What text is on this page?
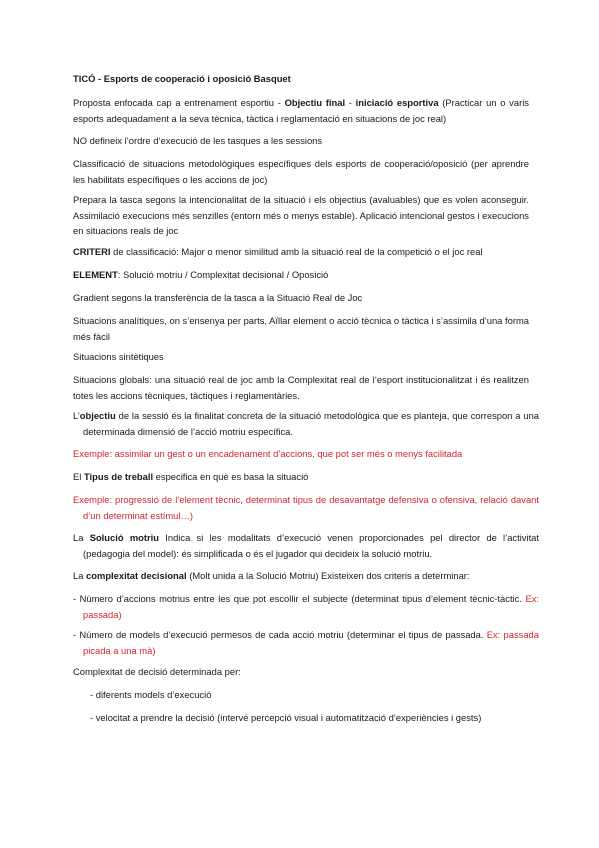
TICÓ - Esports de cooperació i oposició Basquet

Proposta enfocada cap a entrenament esportiu - Objectiu final - iniciació esportiva (Practicar un o varis esports adequadament a la seva tècnica, tàctica i reglamentació en situacions de joc real)

NO defineix l’ordre d’execució de les tasques a les sessions

Classificació de situacions metodològiques específiques dels esports de cooperació/oposició (per aprendre les habilitats específiques o les accions de joc)

Prepara la tasca segons la intencionalitat de la situació i els objectius (avaluables) que es volen aconseguir. Assimilació execucions més senzilles (entorn més o menys estable). Aplicació intencional gestos i execucions en situacions reals de joc

CRITERI de classificació: Major o menor similitud amb la situació real de la competició o el joc real

ELEMENT: Solució motriu / Complexitat decisional / Oposició

Gradient segons la transferència de la tasca a la Situació Real de Joc

Situacions analítiques, on s’ensenya per parts, Aïllar element o acció tècnica o tàctica i s’assimila d’una forma més fàcil

Situacions sintètiques

Situacions globals: una situació real de joc amb la Complexitat real de l’esport institucionalitzat i és realitzen totes les accions tècniques, tàctiques i reglamentàries.

L’objectiu de la sessió és la finalitat concreta de la situació metodològica que es planteja, que correspon a una determinada dimensió de l’acció motriu específica.

Exemple: assimilar un gest o un encadenament d’accions, que pot ser més o menys facilitada

El Tipus de treball especifica en què es basa la situació

Exemple: progressió de l’element tècnic, determinat tipus de desavantatge defensiva o ofensiva, relació davant d’un determinat estímul…)

La Solució motriu Indica si les modalitats d’execució venen proporcionades pel director de l’activitat (pedagogia del model): és simplificada o és el jugador qui decideix la solució motriu.

La complexitat decisional (Molt unida a la Solució Motriu) Existeixen dos criteris a determinar:

- Número d’accions motrius entre les que pot escollir el subjecte (determinat tipus d’element tècnic-tàctic. Ex: passada)

- Número de models d’execució permesos de cada acció motriu (determinar el tipus de passada. Ex: passada picada a una mà)

Complexitat de decisió determinada per:

- diferents models d’execució

- velocitat a prendre la decisió (intervé percepció visual i automatització d’experiències i gests)
